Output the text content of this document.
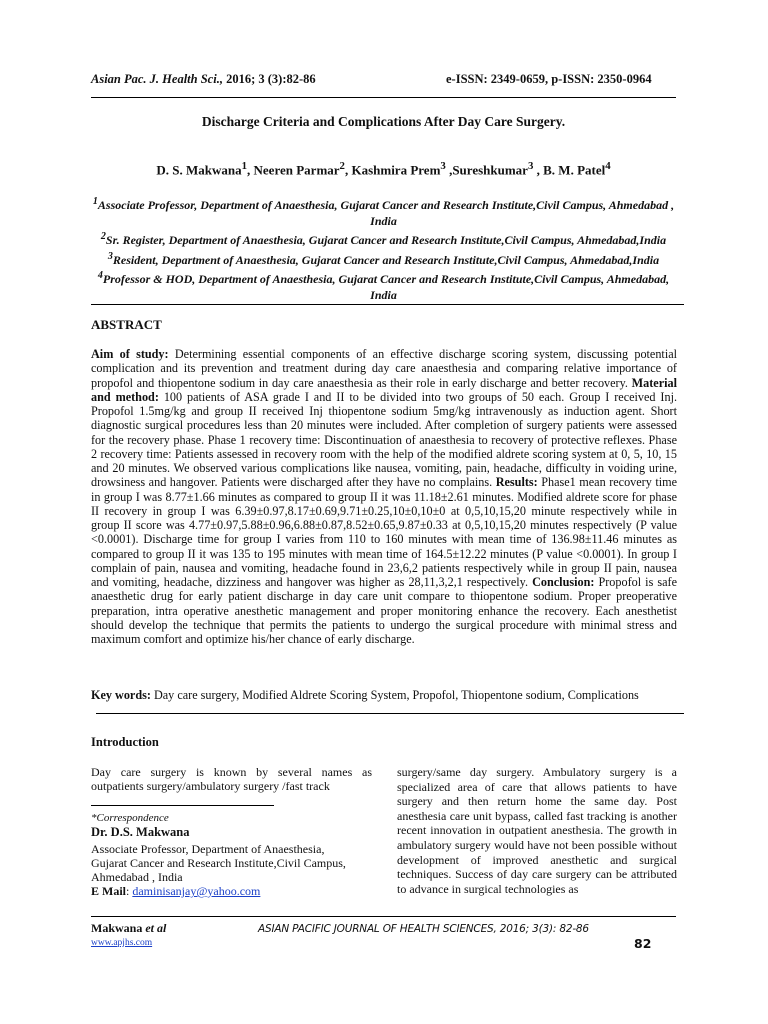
Asian Pac. J. Health Sci., 2016; 3 (3):82-86	e-ISSN: 2349-0659, p-ISSN: 2350-0964
Discharge Criteria and Complications After Day Care Surgery.
D. S. Makwana$^1$, Neeren Parmar$^2$, Kashmira Prem$^3$ ,Sureshkumar$^3$ , B. M. Patel$^4$
$^1$Associate Professor, Department of Anaesthesia, Gujarat Cancer and Research Institute,Civil Campus, Ahmedabad , India
$^2$Sr. Register, Department of Anaesthesia, Gujarat Cancer and Research Institute,Civil Campus, Ahmedabad,India
$^3$Resident, Department of Anaesthesia, Gujarat Cancer and Research Institute,Civil Campus, Ahmedabad,India
$^4$Professor & HOD, Department of Anaesthesia, Gujarat Cancer and Research Institute,Civil Campus, Ahmedabad, India
ABSTRACT
Aim of study: Determining essential components of an effective discharge scoring system, discussing potential complication and its prevention and treatment during day care anaesthesia and comparing relative importance of propofol and thiopentone sodium in day care anaesthesia as their role in early discharge and better recovery. Material and method: 100 patients of ASA grade I and II to be divided into two groups of 50 each. Group I received Inj. Propofol 1.5mg/kg and group II received Inj thiopentone sodium 5mg/kg intravenously as induction agent. Short diagnostic surgical procedures less than 20 minutes were included. After completion of surgery patients were assessed for the recovery phase. Phase 1 recovery time: Discontinuation of anaesthesia to recovery of protective reflexes. Phase 2 recovery time: Patients assessed in recovery room with the help of the modified aldrete scoring system at 0, 5, 10, 15 and 20 minutes. We observed various complications like nausea, vomiting, pain, headache, difficulty in voiding urine, drowsiness and hangover. Patients were discharged after they have no complains. Results: Phase1 mean recovery time in group I was 8.77±1.66 minutes as compared to group II it was 11.18±2.61 minutes. Modified aldrete score for phase II recovery in group I was 6.39±0.97,8.17±0.69,9.71±0.25,10±0,10±0 at 0,5,10,15,20 minute respectively while in group II score was 4.77±0.97,5.88±0.96,6.88±0.87,8.52±0.65,9.87±0.33 at 0,5,10,15,20 minutes respectively (P value <0.0001). Discharge time for group I varies from 110 to 160 minutes with mean time of 136.98±11.46 minutes as compared to group II it was 135 to 195 minutes with mean time of 164.5±12.22 minutes (P value <0.0001). In group I complain of pain, nausea and vomiting, headache found in 23,6,2 patients respectively while in group II pain, nausea and vomiting, headache, dizziness and hangover was higher as 28,11,3,2,1 respectively. Conclusion: Propofol is safe anaesthetic drug for early patient discharge in day care unit compare to thiopentone sodium. Proper preoperative preparation, intra operative anesthetic management and proper monitoring enhance the recovery. Each anesthetist should develop the technique that permits the patients to undergo the surgical procedure with minimal stress and maximum comfort and optimize his/her chance of early discharge.
Key words: Day care surgery, Modified Aldrete Scoring System, Propofol, Thiopentone sodium, Complications
Introduction
Day care surgery is known by several names as outpatients surgery/ambulatory surgery /fast track
surgery/same day surgery. Ambulatory surgery is a specialized area of care that allows patients to have surgery and then return home the same day. Post anesthesia care unit bypass, called fast tracking is another recent innovation in outpatient anesthesia. The growth in ambulatory surgery would have not been possible without development of improved anesthetic and surgical techniques. Success of day care surgery can be attributed to advance in surgical technologies as
*Correspondence
Dr. D.S. Makwana
Associate Professor, Department of Anaesthesia,
Gujarat Cancer and Research Institute,Civil Campus,
Ahmedabad , India
E Mail: daminisanjay@yahoo.com
Makwana et al	ASIAN PACIFIC JOURNAL OF HEALTH SCIENCES, 2016; 3(3): 82-86
www.apjhs.com	82
